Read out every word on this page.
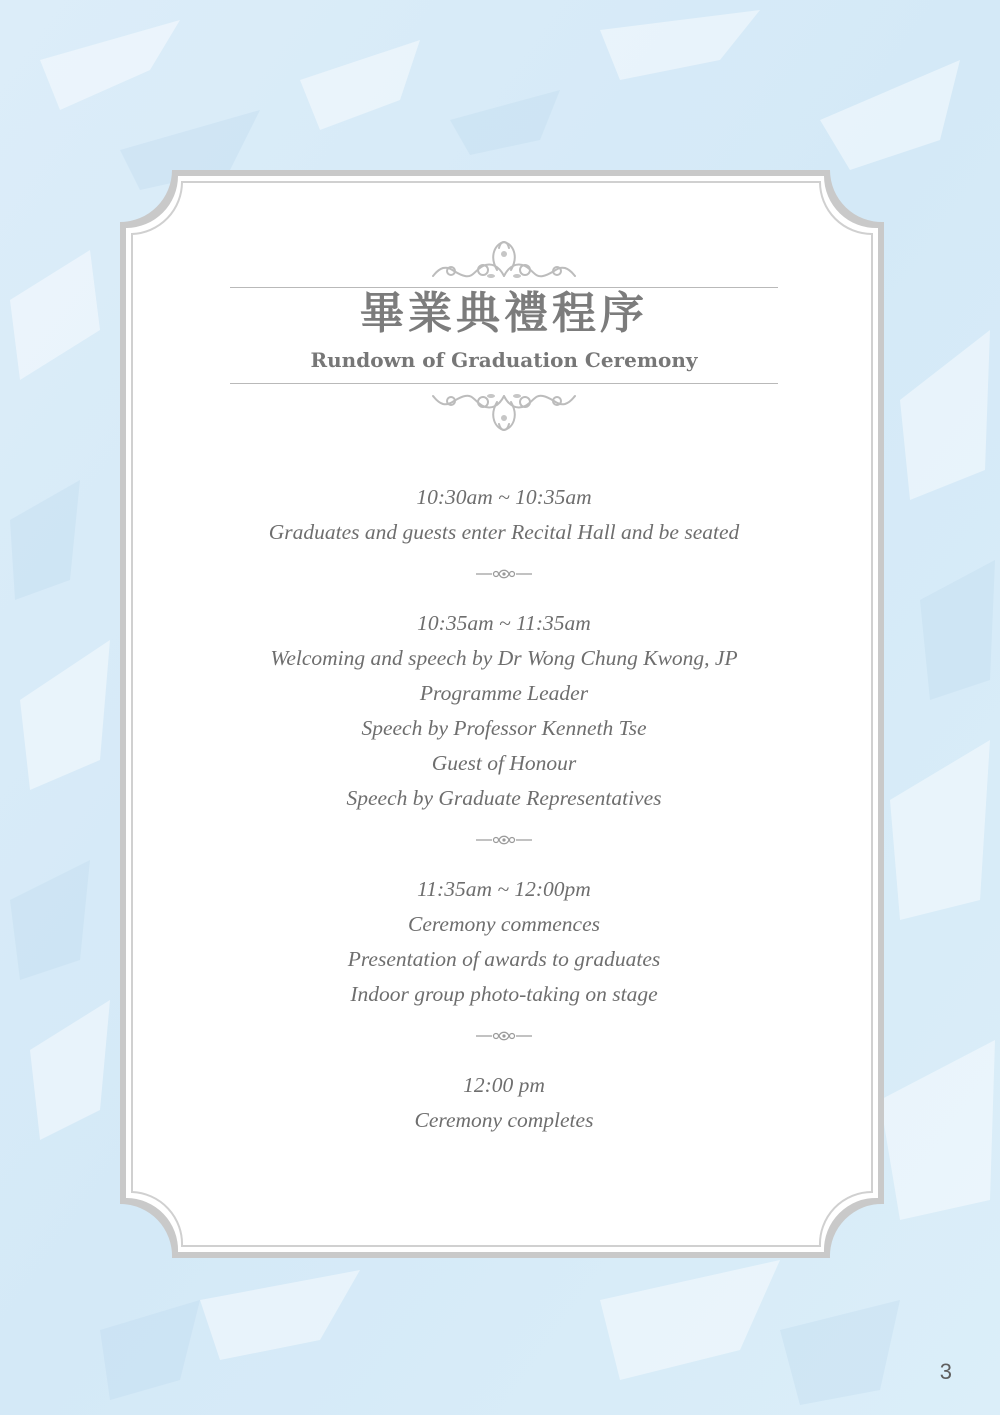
畢業典禮程序
Rundown of Graduation Ceremony
10:30am ~ 10:35am
Graduates and guests enter Recital Hall and be seated
10:35am ~ 11:35am
Welcoming and speech by Dr Wong Chung Kwong, JP
Programme Leader
Speech by Professor Kenneth Tse
Guest of Honour
Speech by Graduate Representatives
11:35am ~ 12:00pm
Ceremony commences
Presentation of awards to graduates
Indoor group photo-taking on stage
12:00 pm
Ceremony completes
3
